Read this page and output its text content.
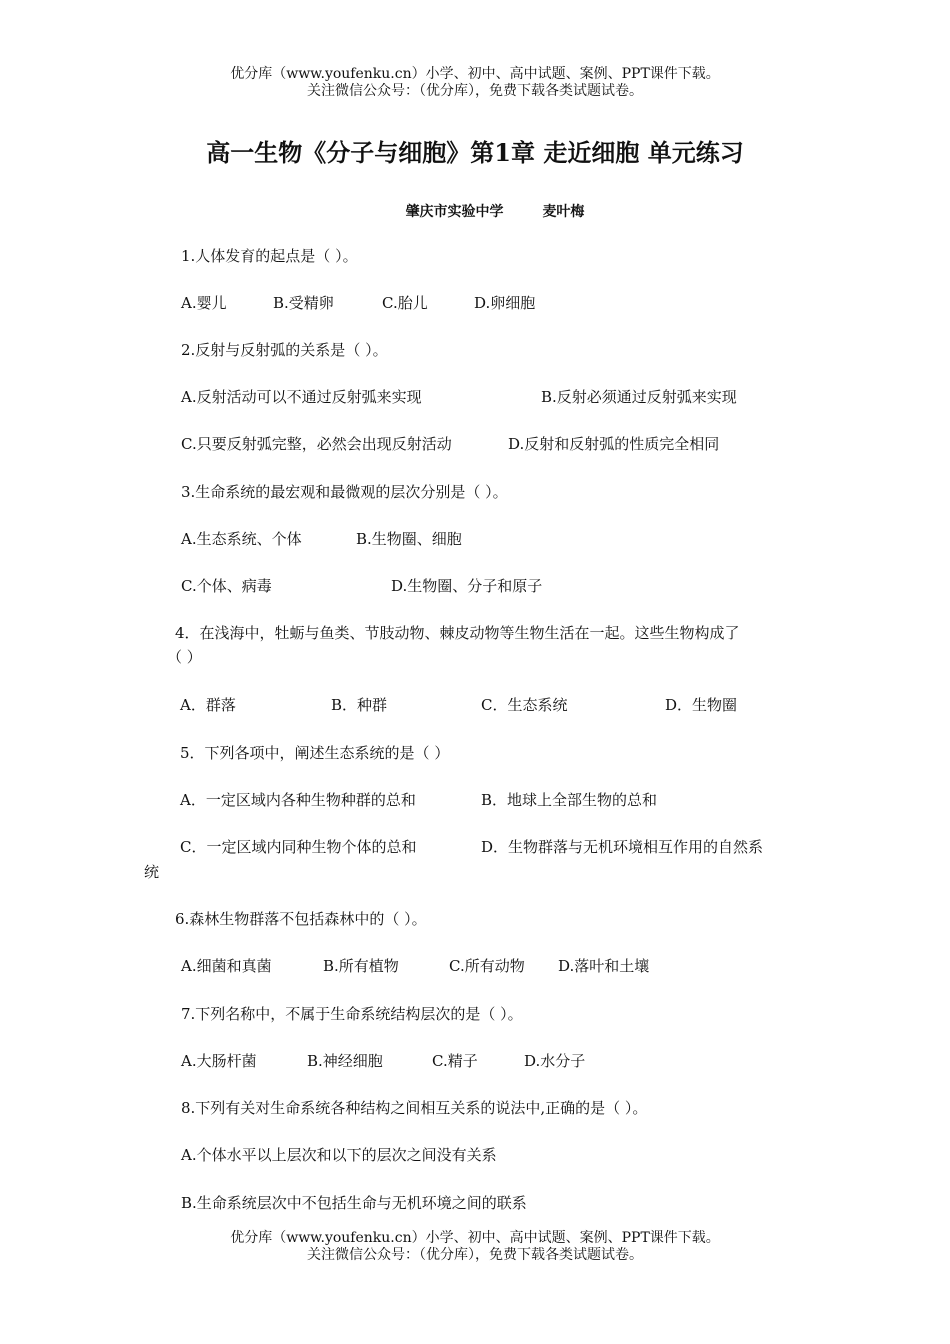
优分库（www.youfenku.cn）小学、初中、高中试题、案例、PPT课件下载。
关注微信公众号：（优分库），免费下载各类试题试卷。
高一生物《分子与细胞》第1章 走近细胞 单元练习
肇庆市实验中学	麦叶梅
1.人体发育的起点是（ ）。
A.婴儿	B.受精卵	C.胎儿	D.卵细胞
2.反射与反射弧的关系是（ ）。
A.反射活动可以不通过反射弧来实现	B.反射必须通过反射弧来实现
C.只要反射弧完整，必然会出现反射活动	D.反射和反射弧的性质完全相同
3.生命系统的最宏观和最微观的层次分别是（ ）。
A.生态系统、个体	B.生物圈、细胞
C.个体、病毒	D.生物圈、分子和原子
4．在浅海中，牡蛎与鱼类、节肢动物、棘皮动物等生物生活在一起。这些生物构成了
（ ）
A．群落	B．种群	C．生态系统	D．生物圈
5．下列各项中，阐述生态系统的是（ ）
A．一定区域内各种生物种群的总和	B．地球上全部生物的总和
C．一定区域内同种生物个体的总和	D．生物群落与无机环境相互作用的自然系
统
6.森林生物群落不包括森林中的（ ）。
A.细菌和真菌	B.所有植物	C.所有动物 D.落叶和土壤
7.下列名称中，不属于生命系统结构层次的是（ ）。
A.大肠杆菌	B.神经细胞	C.精子	D.水分子
8.下列有关对生命系统各种结构之间相互关系的说法中,正确的是（ ）。
A.个体水平以上层次和以下的层次之间没有关系
B.生命系统层次中不包括生命与无机环境之间的联系
优分库（www.youfenku.cn）小学、初中、高中试题、案例、PPT课件下载。
关注微信公众号：（优分库），免费下载各类试题试卷。
